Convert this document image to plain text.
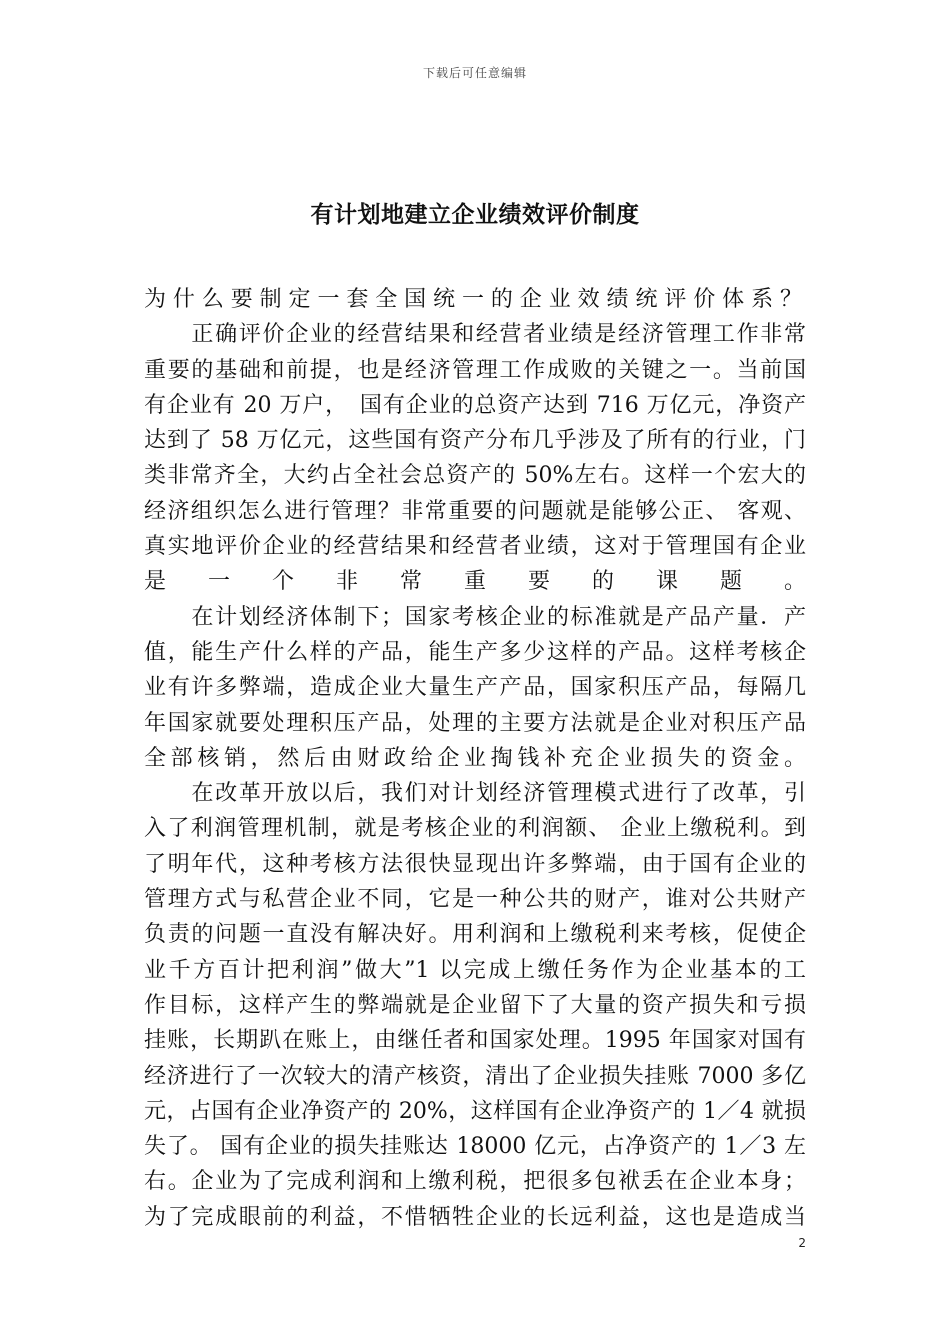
下载后可任意编辑
有计划地建立企业绩效评价制度
为什么要制定一套全国统一的企业效绩统评价体系？
　　正确评价企业的经营结果和经营者业绩是经济管理工作非常
重要的基础和前提，也是经济管理工作成败的关键之一。当前国
有企业有 20 万户，　国有企业的总资产达到 716 万亿元，净资产
达到了 58 万亿元，这些国有资产分布几乎涉及了所有的行业，门
类非常齐全，大约占全社会总资产的 50%左右。这样一个宏大的
经济组织怎么进行管理？非常重要的问题就是能够公正、 客观、
真实地评价企业的经营结果和经营者业绩，这对于管理国有企业
是一个非常重要的课题。
　　在计划经济体制下；国家考核企业的标准就是产品产量．产
值，能生产什么样的产品，能生产多少这样的产品。这样考核企
业有许多弊端，造成企业大量生产产品，国家积压产品，每隔几
年国家就要处理积压产品，处理的主要方法就是企业对积压产品
全部核销，然后由财政给企业掏钱补充企业损失的资金。
　　在改革开放以后，我们对计划经济管理模式进行了改革，引
入了利润管理机制，就是考核企业的利润额、 企业上缴税利。到
了明年代，这种考核方法很快显现出许多弊端，由于国有企业的
管理方式与私营企业不同，它是一种公共的财产，谁对公共财产
负责的问题一直没有解决好。用利润和上缴税利来考核，促使企
业千方百计把利润”做大”1 以完成上缴任务作为企业基本的工
作目标，这样产生的弊端就是企业留下了大量的资产损失和亏损
挂账，长期趴在账上，由继任者和国家处理。1995 年国家对国有
经济进行了一次较大的清产核资，清出了企业损失挂账 7000 多亿
元，占国有企业净资产的 20%，这样国有企业净资产的 1／4 就损
失了。 国有企业的损失挂账达 18000 亿元，占净资产的 1／3 左
右。企业为了完成利润和上缴利税，把很多包袱丢在企业本身；
为了完成眼前的利益，不惜牺牲企业的长远利益，这也是造成当
2
